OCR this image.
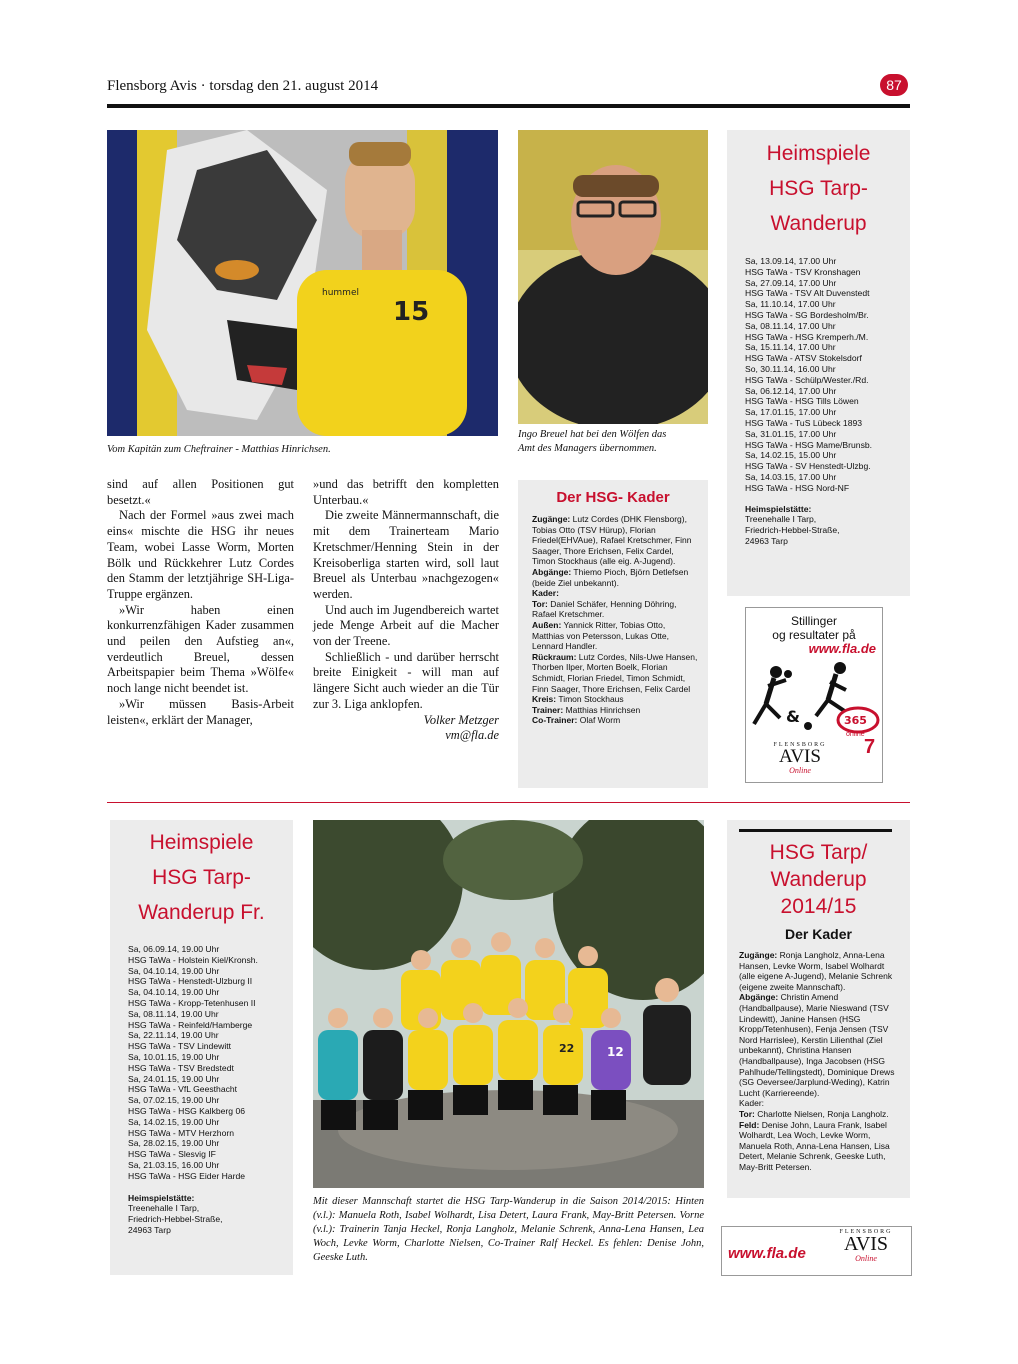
Flensborg Avis · torsdag den 21. august 2014	87
15
hummel
Vom Kapitän zum Cheftrainer - Matthias Hinrichsen.
Ingo Breuel hat bei den Wölfen das
Amt des Managers übernommen.

sind auf allen Positionen gut besetzt.«

Nach der Formel »aus zwei mach eins« mischte die HSG ihr neues Team, wobei Lasse Worm, Morten Bölk und Rückkehrer Lutz Cordes den Stamm der letztjährige SH-Liga-Truppe ergänzen.

»Wir haben einen konkurrenzfähigen Kader zusammen und peilen den Aufstieg an«, verdeutlich Breuel, dessen Arbeitspapier beim Thema »Wölfe« noch lange nicht beendet ist.

»Wir müssen Basis-Arbeit leisten«, erklärt der Manager,

»und das betrifft den kompletten Unterbau.«

Die zweite Männermannschaft, die mit dem Trainerteam Mario Kretschmer/Henning Stein in der Kreisoberliga starten wird, soll laut Breuel als Unterbau »nachgezogen« werden.

Und auch im Jugendbereich wartet jede Menge Arbeit auf die Macher von der Treene.

Schließlich - und darüber herrscht breite Einigkeit - will man auf längere Sicht auch wieder an die Tür zur 3. Liga anklopfen.

Volker Metzger
vm@fla.de
Der HSG- Kader

Zugänge: Lutz Cordes (DHK Flensborg), Tobias Otto (TSV Hürup), Florian Friedel(EHVAue), Rafael Kretschmer, Finn Saager, Thore Erichsen, Felix Cardel, Timon Stockhaus (alle eig. A-Jugend).

Abgänge: Thiemo Pioch, Björn Detlefsen (beide Ziel unbekannt).

Kader:

Tor: Daniel Schäfer, Henning Döhring, Rafael Kretschmer.

Außen: Yannick Ritter, Tobias Otto, Matthias von Petersson, Lukas Otte, Lennard Handler.

Rückraum: Lutz Cordes, Nils-Uwe Hansen, Thorben Ilper, Morten Boelk, Florian Schmidt, Florian Friedel, Timon Schmidt, Finn Saager, Thore Erichsen, Felix Cardel

Kreis: Timon Stockhaus

Trainer: Matthias Hinrichsen

Co-Trainer: Olaf Worm

Heimspiele
HSG Tarp-
Wanderup
Sa, 13.09.14, 17.00 Uhr
HSG TaWa - TSV Kronshagen
Sa, 27.09.14, 17.00 Uhr
HSG TaWa - TSV Alt Duvenstedt
Sa, 11.10.14, 17.00 Uhr
HSG TaWa - SG Bordesholm/Br.
Sa, 08.11.14, 17.00 Uhr
HSG TaWa - HSG Kremperh./M.
Sa, 15.11.14, 17.00 Uhr
HSG TaWa - ATSV Stokelsdorf
So, 30.11.14, 16.00 Uhr
HSG TaWa - Schülp/Wester./Rd.
Sa, 06.12.14, 17.00 Uhr
HSG TaWa - HSG Tills Löwen
Sa, 17.01.15, 17.00 Uhr
HSG TaWa - TuS Lübeck 1893
Sa, 31.01.15, 17.00 Uhr
HSG TaWa - HSG Mame/Brunsb.
Sa, 14.02.15, 15.00 Uhr
HSG TaWa - SV Henstedt-Ulzbg.
Sa, 14.03.15, 17.00 Uhr
HSG TaWa - HSG Nord-NF
Heimspielstätte:
Treenehalle I Tarp,
Friedrich-Hebbel-Straße,
24963 Tarp
Stillinger
og resultater på
www.fla.de
&	365
online
7
FLENSBORG
AVIS
Online
Heimspiele
HSG Tarp-
Wanderup Fr.
Sa, 06.09.14, 19.00 Uhr
HSG TaWa - Holstein Kiel/Kronsh.
Sa, 04.10.14, 19.00 Uhr
HSG TaWa - Henstedt-Ulzburg II
Sa, 04.10.14, 19.00 Uhr
HSG TaWa - Kropp-Tetenhusen II
Sa, 08.11.14, 19.00 Uhr
HSG TaWa - Reinfeld/Hamberge
Sa, 22.11.14, 19.00 Uhr
HSG TaWa - TSV Lindewitt
Sa, 10.01.15, 19.00 Uhr
HSG TaWa - TSV Bredstedt
Sa, 24.01.15, 19.00 Uhr
HSG TaWa - VfL Geesthacht
Sa, 07.02.15, 19.00 Uhr
HSG TaWa - HSG Kalkberg 06
Sa, 14.02.15, 19.00 Uhr
HSG TaWa - MTV Herzhorn
Sa, 28.02.15, 19.00 Uhr
HSG TaWa - Slesvig IF
Sa, 21.03.15, 16.00 Uhr
HSG TaWa - HSG Eider Harde
Heimspielstätte:
Treenehalle I Tarp,
Friedrich-Hebbel-Straße,
24963 Tarp
12
22
Mit dieser Mannschaft startet die HSG Tarp-Wanderup in die Saison 2014/2015: Hinten (v.l.): Manuela Roth, Isabel Wolhardt, Lisa Detert, Laura Frank, May-Britt Petersen. Vorne (v.l.): Trainerin Tanja Heckel, Ronja Langholz, Melanie Schrenk, Anna-Lena Hansen, Lea Woch, Levke Worm, Charlotte Nielsen, Co-Trainer Ralf Heckel. Es fehlen: Denise John, Geeske Luth.
HSG Tarp/
Wanderup
2014/15
Der Kader

Zugänge: Ronja Langholz, Anna-Lena Hansen, Levke Worm, Isabel Wolhardt (alle eigene A-Jugend), Melanie Schrenk (eigene zweite Mannschaft).

Abgänge: Christin Amend (Handballpause), Marie Nieswand (TSV Lindewitt), Janine Hansen (HSG Kropp/Tetenhusen), Fenja Jensen (TSV Nord Harrislee), Kerstin Lilienthal (Ziel unbekannt), Christina Hansen (Handballpause), Inga Jacobsen (HSG Pahlhude/Tellingstedt), Dominique Drews (SG Oeversee/Jarplund-Weding), Katrin Lucht (Karriereende).

Kader:

Tor: Charlotte Nielsen, Ronja Langholz.

Feld: Denise John, Laura Frank, Isabel Wolhardt, Lea Woch, Levke Worm, Manuela Roth, Anna-Lena Hansen, Lisa Detert, Melanie Schrenk, Geeske Luth, May-Britt Petersen.

www.fla.de
FLENSBORG
AVIS
Online
